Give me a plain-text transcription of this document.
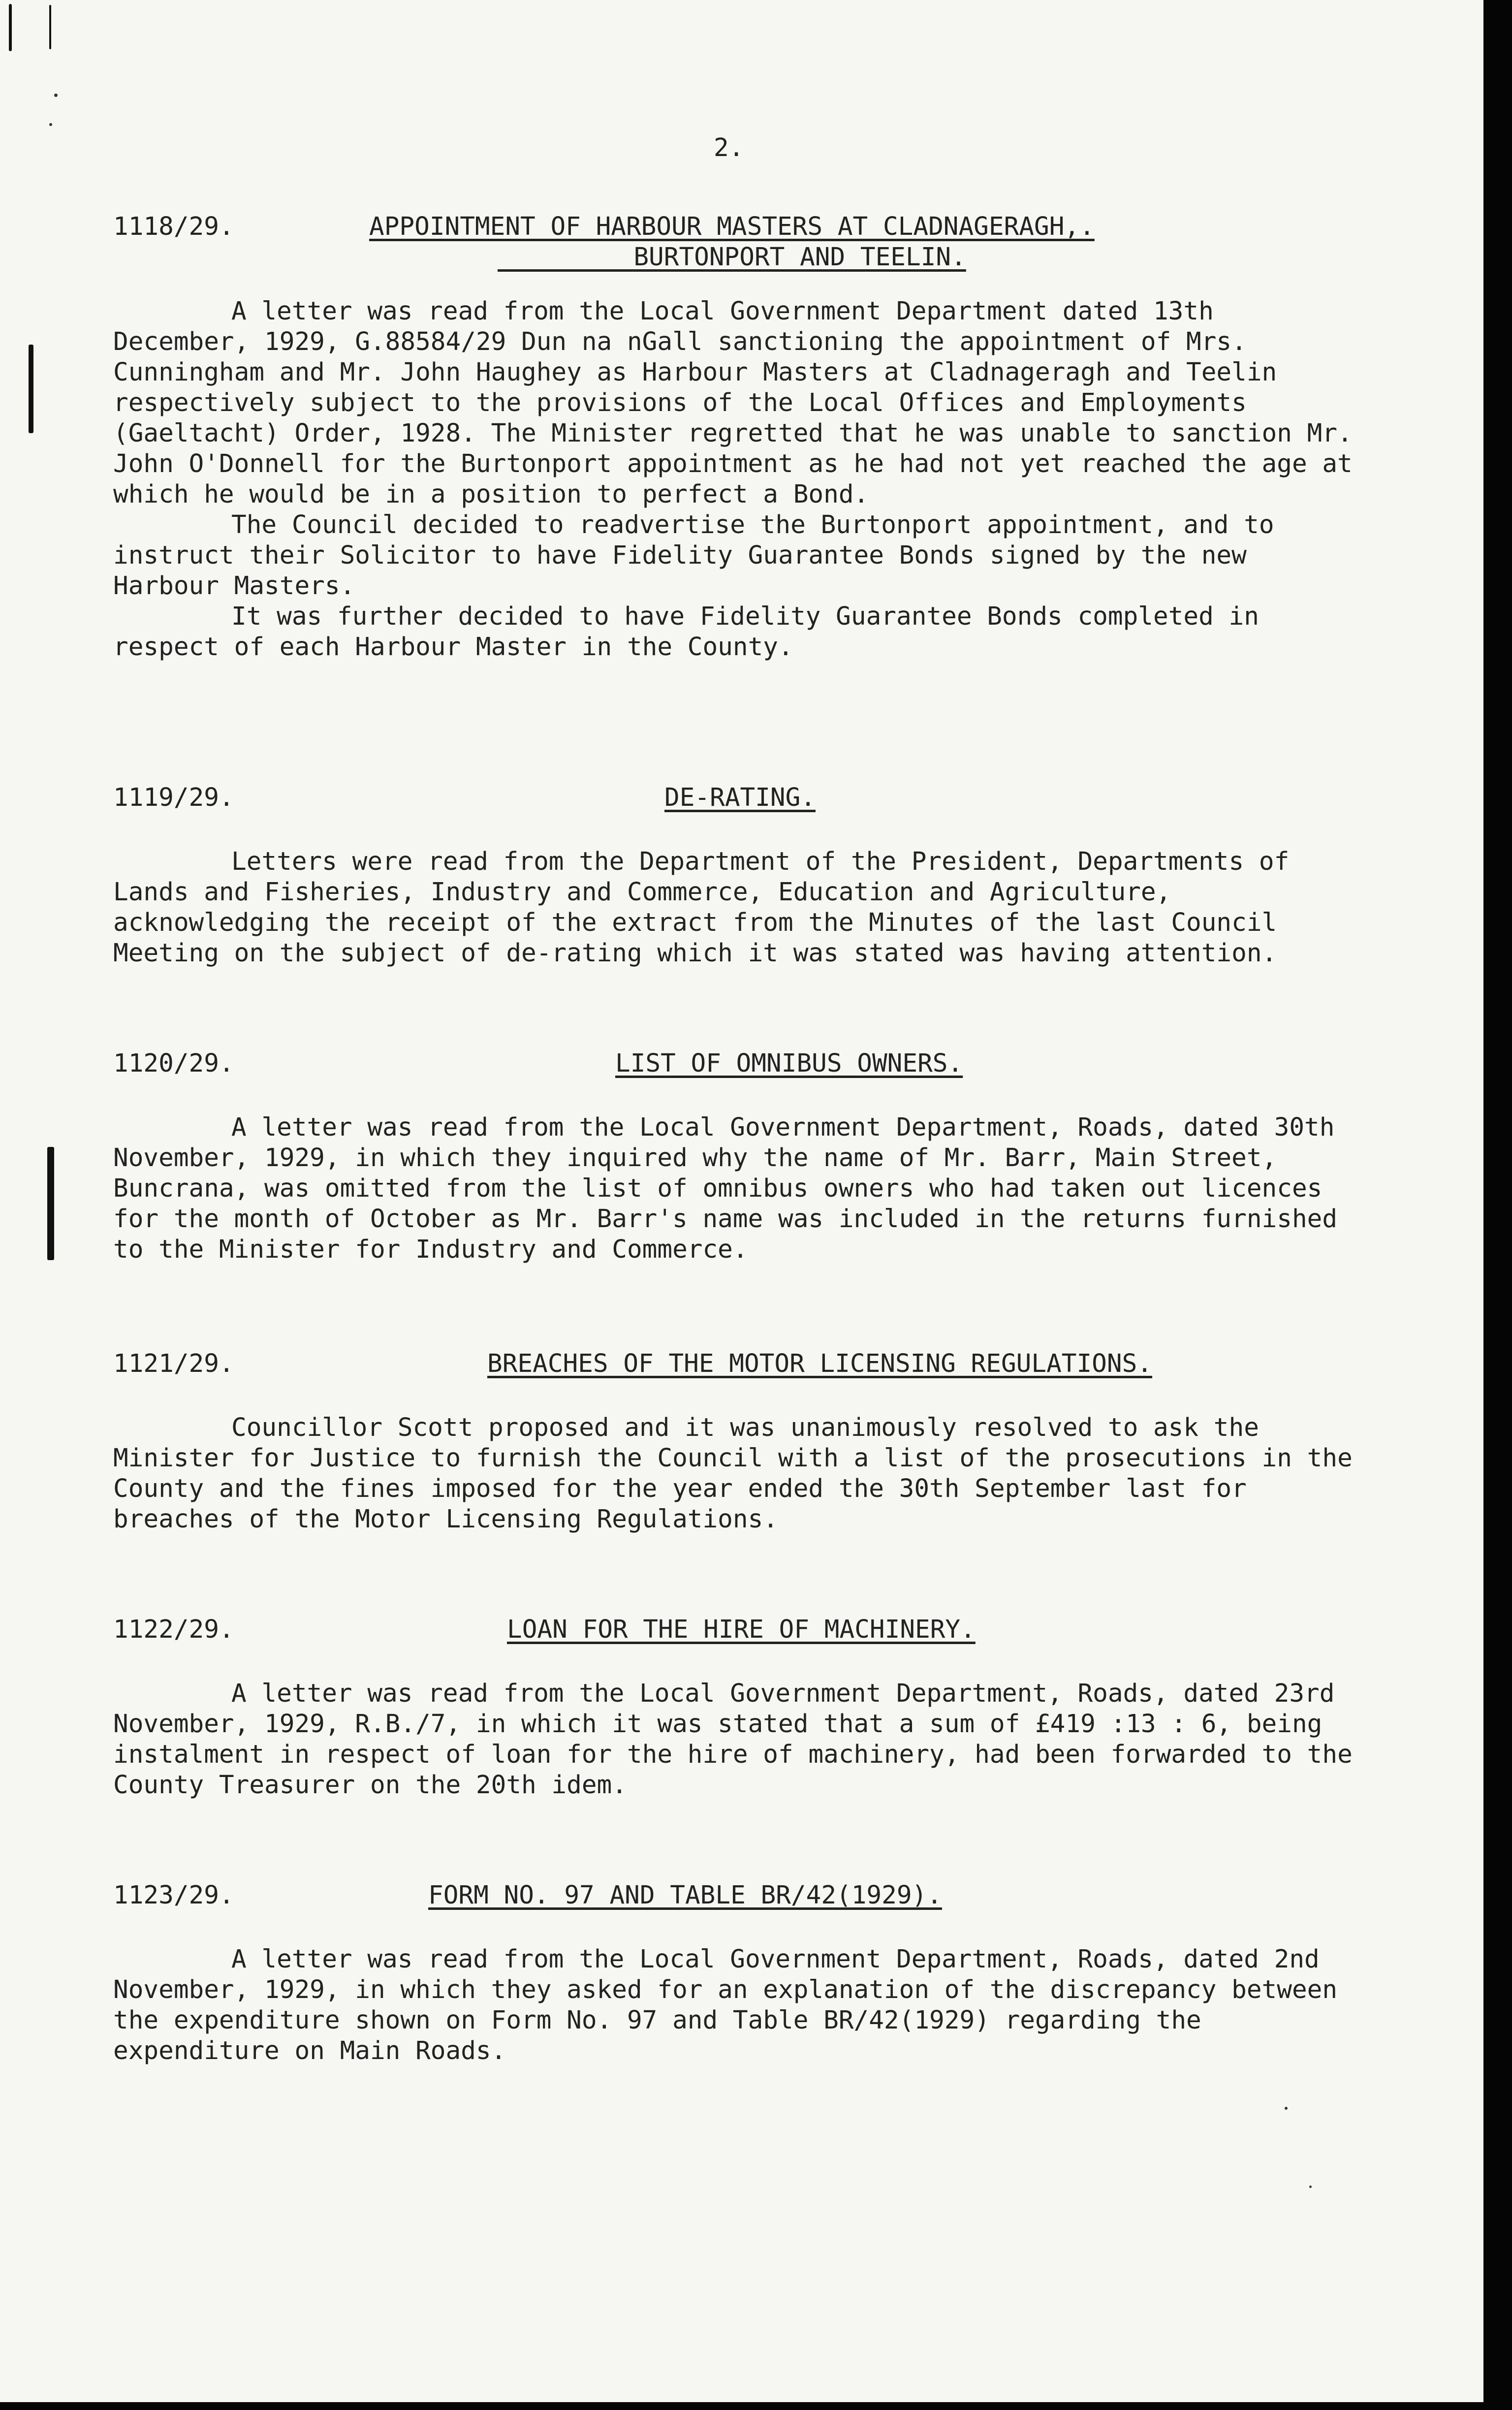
2.

1118/29.	APPOINTMENT OF HARBOUR MASTERS AT CLADNAGERAGH,.
BURTONPORT AND TEELIN.

A letter was read from the Local Government Department dated 13th December, 1929, G.88584/29 Dun na nGall sanctioning the appointment of Mrs. Cunningham and Mr. John Haughey as Harbour Masters at Cladnageragh and Teelin respectively subject to the provisions of the Local Offices and Employments (Gaeltacht) Order, 1928. The Minister regretted that he was unable to sanction Mr. John O'Donnell for the Burtonport appointment as he had not yet reached the age at which he would be in a position to perfect a Bond.

The Council decided to readvertise the Burtonport appointment, and to instruct their Solicitor to have Fidelity Guarantee Bonds signed by the new Harbour Masters.

It was further decided to have Fidelity Guarantee Bonds completed in respect of each Harbour Master in the County.

1119/29.	DE-RATING.

Letters were read from the Department of the President, Departments of Lands and Fisheries, Industry and Commerce, Education and Agriculture, acknowledging the receipt of the extract from the Minutes of the last Council Meeting on the subject of de-rating which it was stated was having attention.

1120/29.	LIST OF OMNIBUS OWNERS.

A letter was read from the Local Government Department, Roads, dated 30th November, 1929, in which they inquired why the name of Mr. Barr, Main Street, Buncrana, was omitted from the list of omnibus owners who had taken out licences for the month of October as Mr. Barr's name was included in the returns furnished to the Minister for Industry and Commerce.

1121/29.	BREACHES OF THE MOTOR LICENSING REGULATIONS.

Councillor Scott proposed and it was unanimously resolved to ask the Minister for Justice to furnish the Council with a list of the prosecutions in the County and the fines imposed for the year ended the 30th September last for breaches of the Motor Licensing Regulations.

1122/29.	LOAN FOR THE HIRE OF MACHINERY.

A letter was read from the Local Government Department, Roads, dated 23rd November, 1929, R.B./7, in which it was stated that a sum of £419 :13 : 6, being instalment in respect of loan for the hire of machinery, had been forwarded to the County Treasurer on the 20th idem.

1123/29.	FORM NO. 97 AND TABLE BR/42(1929).

A letter was read from the Local Government Department, Roads, dated 2nd November, 1929, in which they asked for an explanation of the discrepancy between the expenditure shown on Form No. 97 and Table BR/42(1929) regarding the expenditure on Main Roads.
